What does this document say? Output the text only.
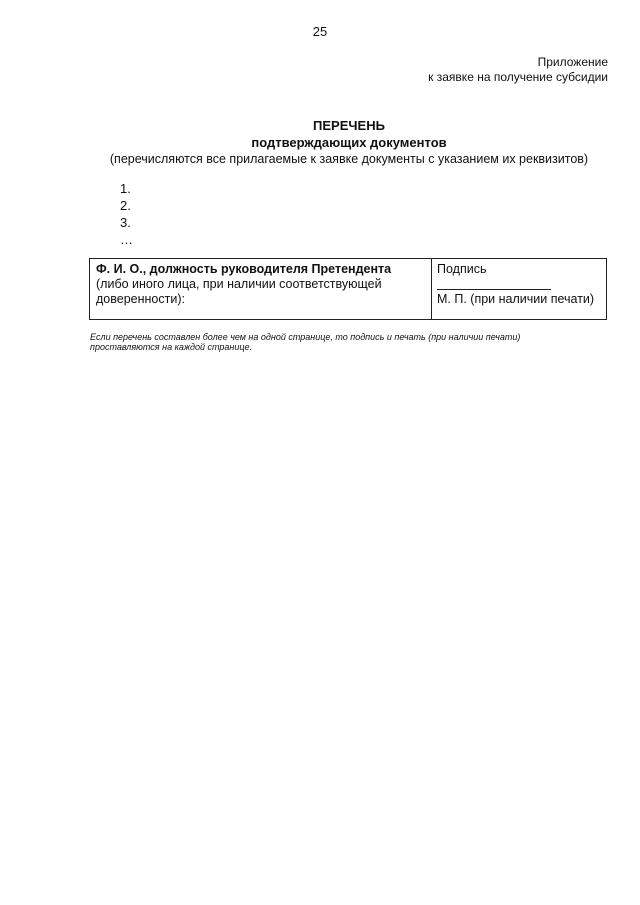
25
Приложение
к заявке на получение субсидии
ПЕРЕЧЕНЬ
подтверждающих документов
(перечисляются все прилагаемые к заявке документы с указанием их реквизитов)
1.
2.
3.
…
Ф. И. О., должность руководителя Претендента
(либо иного лица, при наличии соответствующей
доверенности):
Подпись
М. П. (при наличии печати)
Если перечень составлен более чем на одной странице, то подпись и печать (при наличии печати)
проставляются на каждой странице.
